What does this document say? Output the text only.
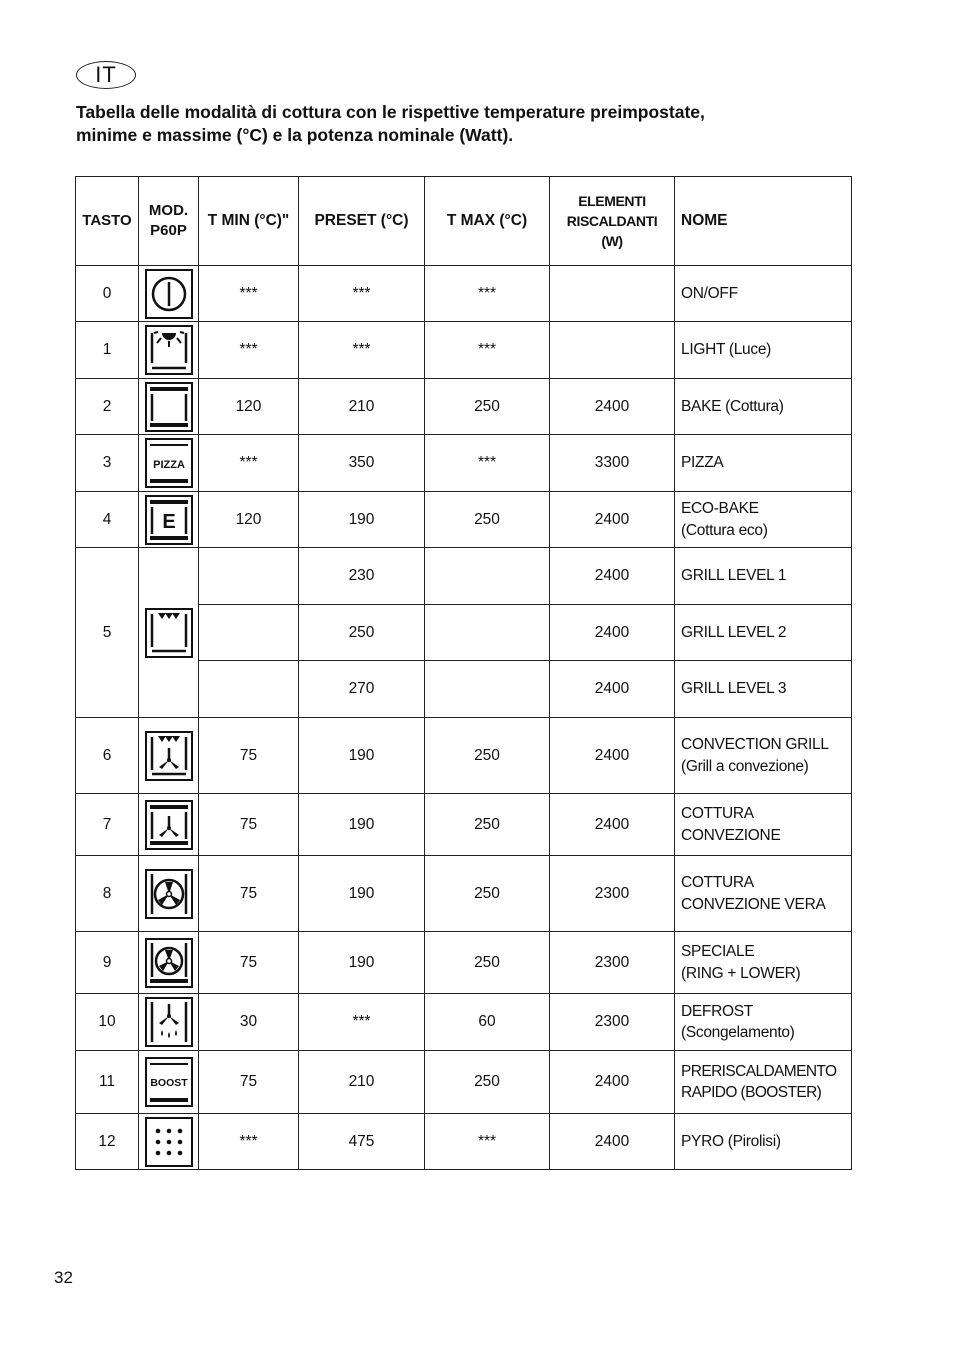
IT
Tabella delle modalità di cottura con le rispettive temperature preimpostate,
minime e massime (°C) e la potenza nominale (Watt).
TASTO	MOD.
P60P	T MIN (°C)"	PRESET (°C)	T MAX (°C)	ELEMENTI
RISCALDANTI
(W)	NOME
0		***	***	***		ON/OFF
1		***	***	***		LIGHT (Luce)
2		120	210	250	2400	BAKE (Cottura)
3	PIZZA	***	350	***	3300	PIZZA
4	E	120	190	250	2400	ECO-BAKE
(Cottura eco)
5			230		2400	GRILL LEVEL 1
			250		2400	GRILL LEVEL 2
			270		2400	GRILL LEVEL 3
6		75	190	250	2400	CONVECTION GRILL
(Grill a convezione)
7		75	190	250	2400	COTTURA
CONVEZIONE
8		75	190	250	2300	COTTURA
CONVEZIONE VERA
9		75	190	250	2300	SPECIALE
(RING + LOWER)
10		30	***	60	2300	DEFROST
(Scongelamento)
11	BOOST	75	210	250	2400	PRERISCALDAMENTO
RAPIDO (BOOSTER)
12		***	475	***	2400	PYRO (Pirolisi)
32
